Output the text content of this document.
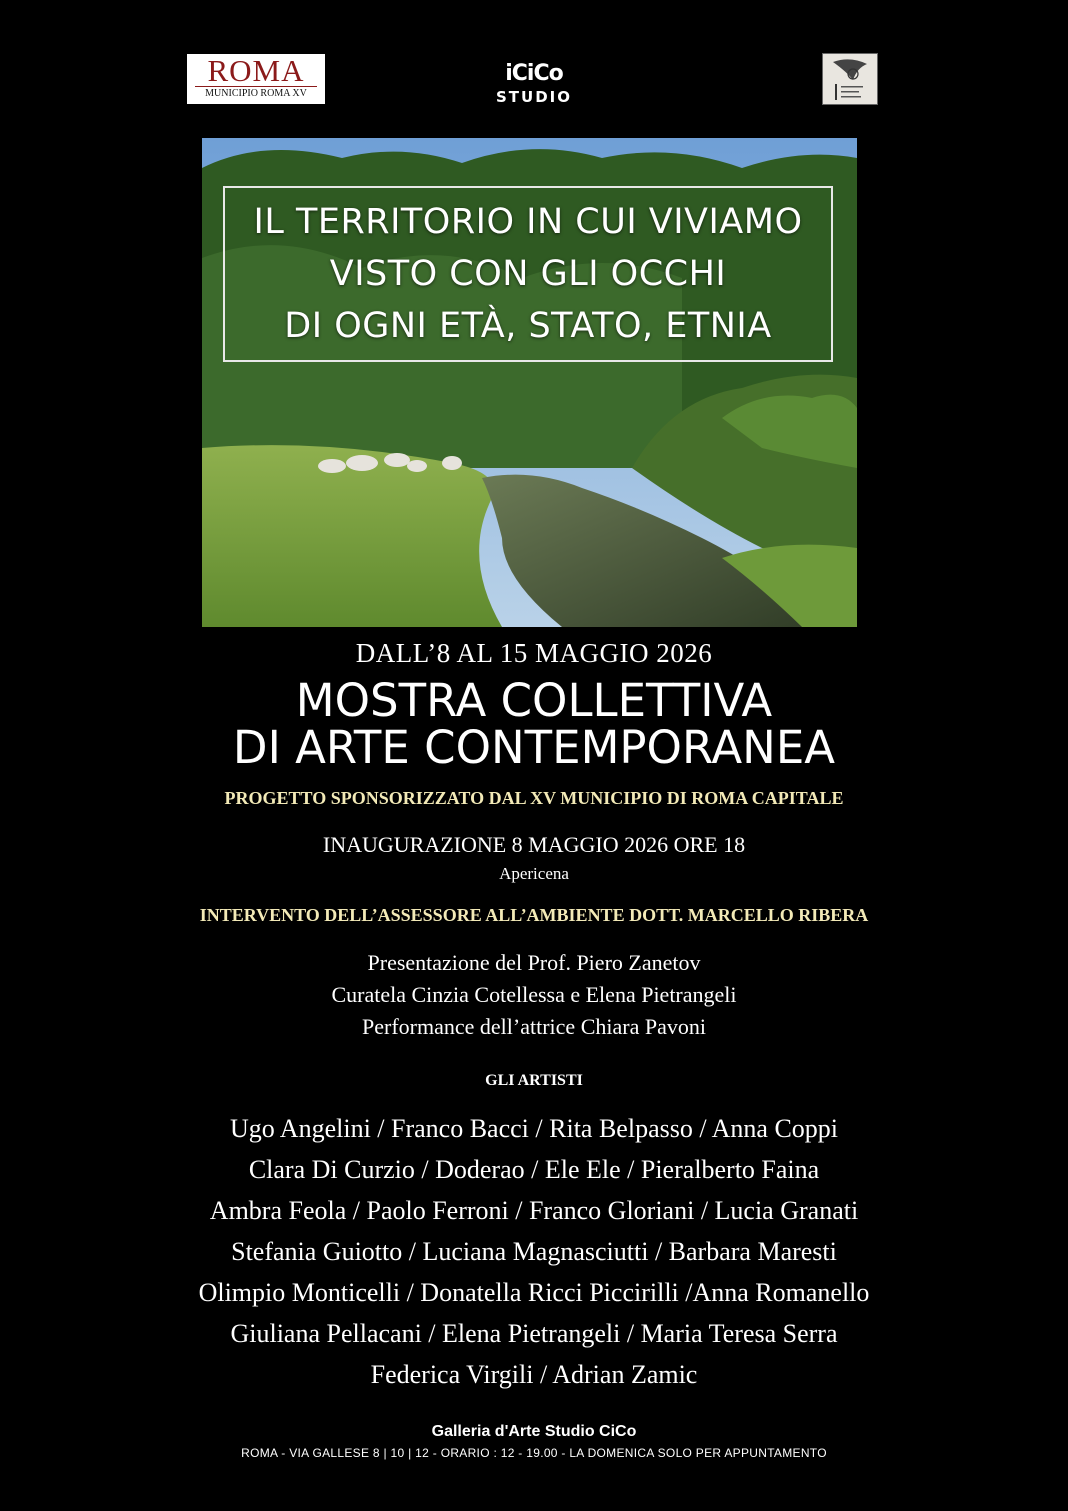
ROMA
MUNICIPIO ROMA XV
iCiCo
STUDIO
IL TERRITORIO IN CUI VIVIAMO
VISTO CON GLI OCCHI
DI OGNI ETÀ, STATO, ETNIA
DALL’8 AL 15 MAGGIO 2026
MOSTRA COLLETTIVA
DI ARTE CONTEMPORANEA
PROGETTO SPONSORIZZATO DAL XV MUNICIPIO DI ROMA CAPITALE
INAUGURAZIONE 8 MAGGIO 2026 ORE 18
Apericena
INTERVENTO DELL’ASSESSORE ALL’AMBIENTE DOTT. MARCELLO RIBERA
Presentazione del Prof. Piero Zanetov
Curatela Cinzia Cotellessa e Elena Pietrangeli
Performance dell’attrice Chiara Pavoni
GLI ARTISTI
Ugo Angelini / Franco Bacci / Rita Belpasso / Anna Coppi
Clara Di Curzio / Doderao / Ele Ele / Pieralberto Faina
Ambra Feola / Paolo Ferroni / Franco Gloriani / Lucia Granati
Stefania Guiotto / Luciana Magnasciutti / Barbara Maresti
Olimpio Monticelli / Donatella Ricci Piccirilli /Anna Romanello
Giuliana Pellacani / Elena Pietrangeli / Maria Teresa Serra
Federica Virgili / Adrian Zamic
Galleria d'Arte Studio CiCo
ROMA - VIA GALLESE 8 | 10 | 12 - ORARIO : 12 - 19.00 - LA DOMENICA SOLO PER APPUNTAMENTO
